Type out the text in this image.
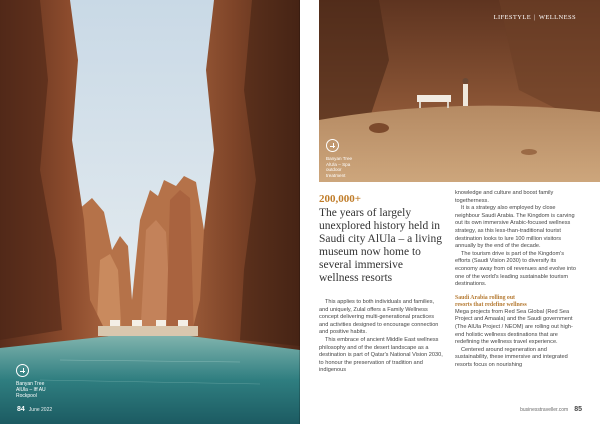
Banyan Tree
AlUla – Iff AU
Rockpool
84 June 2022
LIFESTYLE | WELLNESS
Banyan Tree
AlUla – Spa
outdoor
treatment
200,000+
The years of largely unexplored history held in Saudi city AlUla – a living museum now home to several immersive wellness resorts

This applies to both individuals and families, and uniquely, Zulal offers a Family Wellness concept delivering multi-generational practices and activities designed to encourage connection and positive habits.

This embrace of ancient Middle East wellness philosophy and of the desert landscape as a destination is part of Qatar's National Vision 2030, to honour the preservation of tradition and indigenous

knowledge and culture and boost family togetherness.

It is a strategy also employed by close neighbour Saudi Arabia. The Kingdom is carving out its own immersive Arabic-focused wellness strategy, as this less-than-traditional tourist destination looks to lure 100 million visitors annually by the end of the decade.

The tourism drive is part of the Kingdom's efforts (Saudi Vision 2030) to diversify its economy away from oil revenues and evolve into one of the world's leading sustainable tourism destinations.

Saudi Arabia rolling out
resorts that redefine wellness

Mega projects from Red Sea Global (Red Sea Project and Amaala) and the Saudi government (The AlUla Project / NEOM) are rolling out high-end holistic wellness destinations that are redefining the wellness travel experience.

Centered around regeneration and sustainability, these immersive and integrated resorts focus on nourishing

businesstraveller.com 85
